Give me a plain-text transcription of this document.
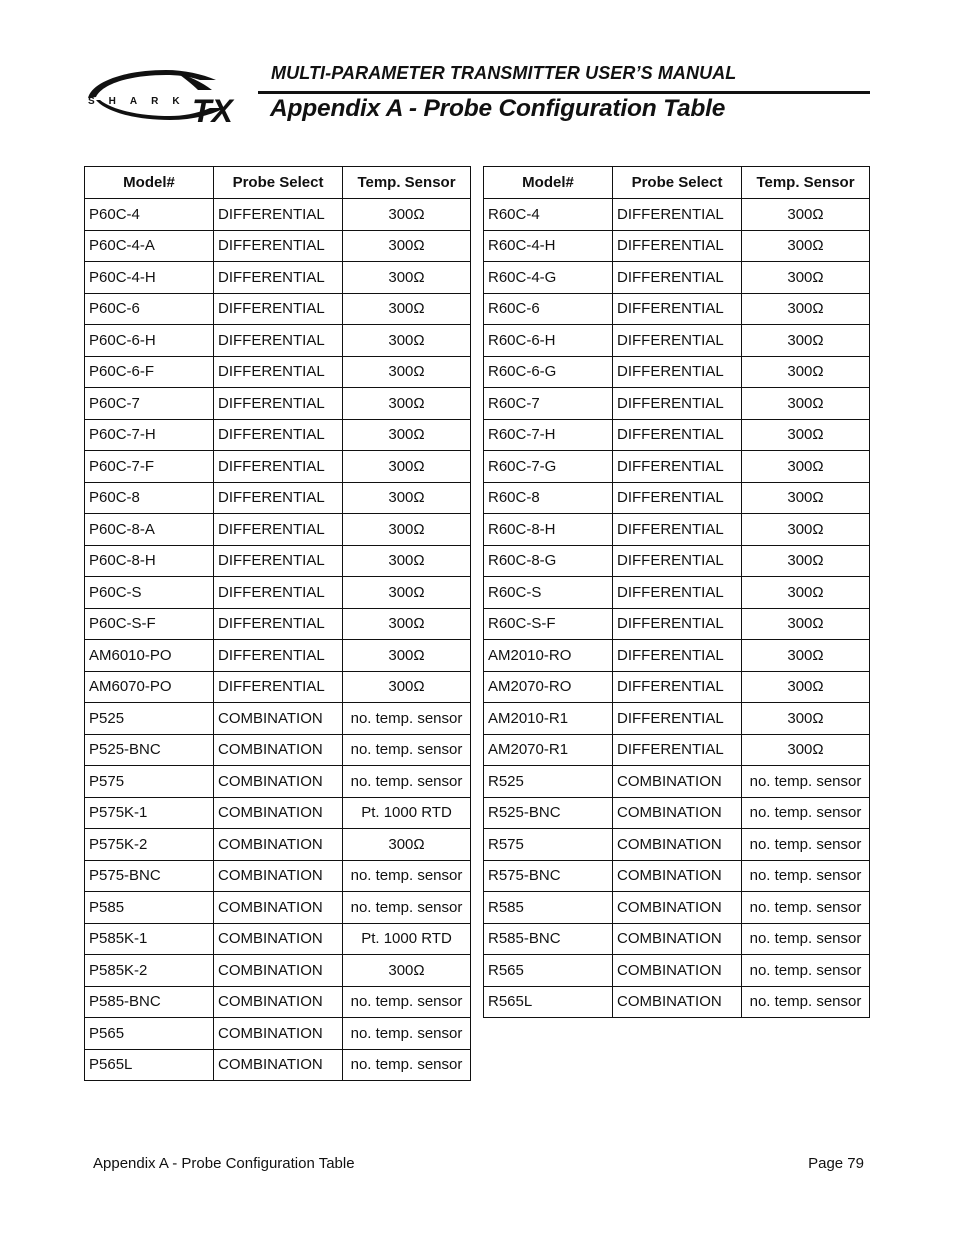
SHARK
TX
MULTI-PARAMETER TRANSMITTER USER’S MANUAL
Appendix A - Probe Configuration Table
Model#	Probe Select	Temp. Sensor
P60C-4	DIFFERENTIAL	300Ω
P60C-4-A	DIFFERENTIAL	300Ω
P60C-4-H	DIFFERENTIAL	300Ω
P60C-6	DIFFERENTIAL	300Ω
P60C-6-H	DIFFERENTIAL	300Ω
P60C-6-F	DIFFERENTIAL	300Ω
P60C-7	DIFFERENTIAL	300Ω
P60C-7-H	DIFFERENTIAL	300Ω
P60C-7-F	DIFFERENTIAL	300Ω
P60C-8	DIFFERENTIAL	300Ω
P60C-8-A	DIFFERENTIAL	300Ω
P60C-8-H	DIFFERENTIAL	300Ω
P60C-S	DIFFERENTIAL	300Ω
P60C-S-F	DIFFERENTIAL	300Ω
AM6010-PO	DIFFERENTIAL	300Ω
AM6070-PO	DIFFERENTIAL	300Ω
P525	COMBINATION	no. temp. sensor
P525-BNC	COMBINATION	no. temp. sensor
P575	COMBINATION	no. temp. sensor
P575K-1	COMBINATION	Pt. 1000 RTD
P575K-2	COMBINATION	300Ω
P575-BNC	COMBINATION	no. temp. sensor
P585	COMBINATION	no. temp. sensor
P585K-1	COMBINATION	Pt. 1000 RTD
P585K-2	COMBINATION	300Ω
P585-BNC	COMBINATION	no. temp. sensor
P565	COMBINATION	no. temp. sensor
P565L	COMBINATION	no. temp. sensor
Model#	Probe Select	Temp. Sensor
R60C-4	DIFFERENTIAL	300Ω
R60C-4-H	DIFFERENTIAL	300Ω
R60C-4-G	DIFFERENTIAL	300Ω
R60C-6	DIFFERENTIAL	300Ω
R60C-6-H	DIFFERENTIAL	300Ω
R60C-6-G	DIFFERENTIAL	300Ω
R60C-7	DIFFERENTIAL	300Ω
R60C-7-H	DIFFERENTIAL	300Ω
R60C-7-G	DIFFERENTIAL	300Ω
R60C-8	DIFFERENTIAL	300Ω
R60C-8-H	DIFFERENTIAL	300Ω
R60C-8-G	DIFFERENTIAL	300Ω
R60C-S	DIFFERENTIAL	300Ω
R60C-S-F	DIFFERENTIAL	300Ω
AM2010-RO	DIFFERENTIAL	300Ω
AM2070-RO	DIFFERENTIAL	300Ω
AM2010-R1	DIFFERENTIAL	300Ω
AM2070-R1	DIFFERENTIAL	300Ω
R525	COMBINATION	no. temp. sensor
R525-BNC	COMBINATION	no. temp. sensor
R575	COMBINATION	no. temp. sensor
R575-BNC	COMBINATION	no. temp. sensor
R585	COMBINATION	no. temp. sensor
R585-BNC	COMBINATION	no. temp. sensor
R565	COMBINATION	no. temp. sensor
R565L	COMBINATION	no. temp. sensor
Appendix A - Probe Configuration Table	Page 79
